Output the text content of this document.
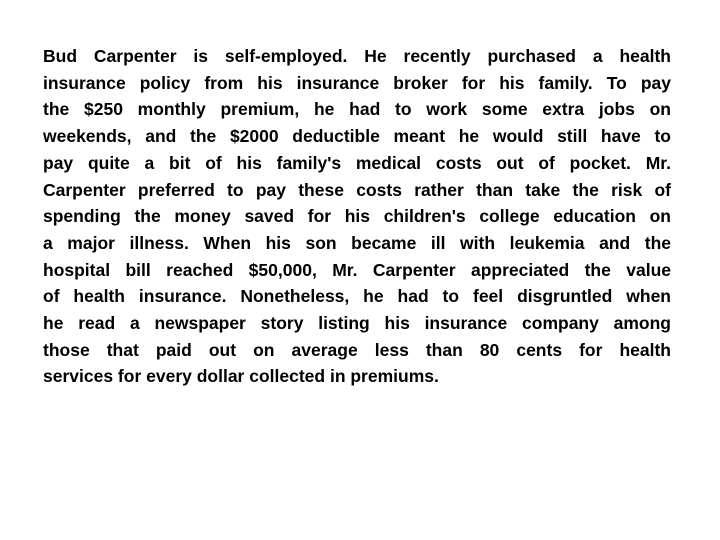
Bud Carpenter is self-employed. He recently purchased a health
insurance policy from his insurance broker for his family. To pay
the $250 monthly premium, he had to work some extra jobs on
weekends, and the $2000 deductible meant he would still have to
pay quite a bit of his family's medical costs out of pocket. Mr.
Carpenter preferred to pay these costs rather than take the risk of
spending the money saved for his children's college education on
a major illness. When his son became ill with leukemia and the
hospital bill reached $50,000, Mr. Carpenter appreciated the value
of health insurance. Nonetheless, he had to feel disgruntled when
he read a newspaper story listing his insurance company among
those that paid out on average less than 80 cents for health
services for every dollar collected in premiums.
